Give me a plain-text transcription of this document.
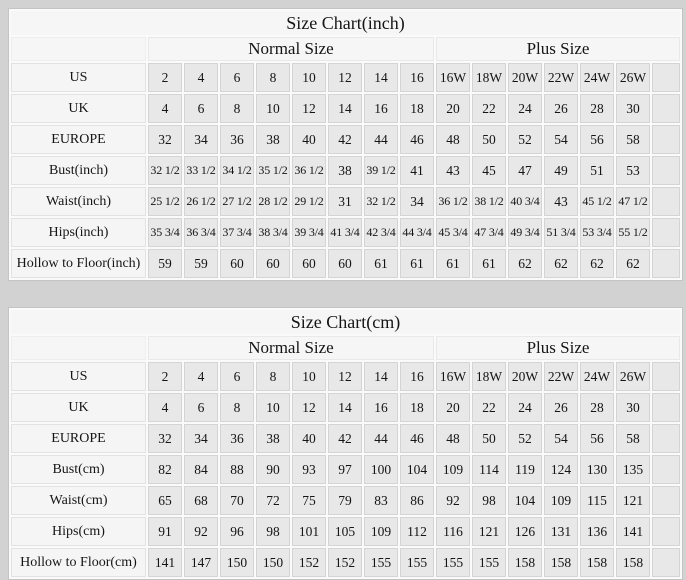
Size Chart(inch)															
	Normal Size								Plus Size						
US	2	4	6	8	10	12	14	16	16W	18W	20W	22W	24W	26W	
UK	4	6	8	10	12	14	16	18	20	22	24	26	28	30	
EUROPE	32	34	36	38	40	42	44	46	48	50	52	54	56	58	
Bust(inch)	32 1/2	33 1/2	34 1/2	35 1/2	36 1/2	38	39 1/2	41	43	45	47	49	51	53	
Waist(inch)	25 1/2	26 1/2	27 1/2	28 1/2	29 1/2	31	32 1/2	34	36 1/2	38 1/2	40 3/4	43	45 1/2	47 1/2	
Hips(inch)	35 3/4	36 3/4	37 3/4	38 3/4	39 3/4	41 3/4	42 3/4	44 3/4	45 3/4	47 3/4	49 3/4	51 3/4	53 3/4	55 1/2	
Hollow to Floor(inch)	59	59	60	60	60	60	61	61	61	61	62	62	62	62	
Size Chart(cm)															
	Normal Size								Plus Size						
US	2	4	6	8	10	12	14	16	16W	18W	20W	22W	24W	26W	
UK	4	6	8	10	12	14	16	18	20	22	24	26	28	30	
EUROPE	32	34	36	38	40	42	44	46	48	50	52	54	56	58	
Bust(cm)	82	84	88	90	93	97	100	104	109	114	119	124	130	135	
Waist(cm)	65	68	70	72	75	79	83	86	92	98	104	109	115	121	
Hips(cm)	91	92	96	98	101	105	109	112	116	121	126	131	136	141	
Hollow to Floor(cm)	141	147	150	150	152	152	155	155	155	155	158	158	158	158	
